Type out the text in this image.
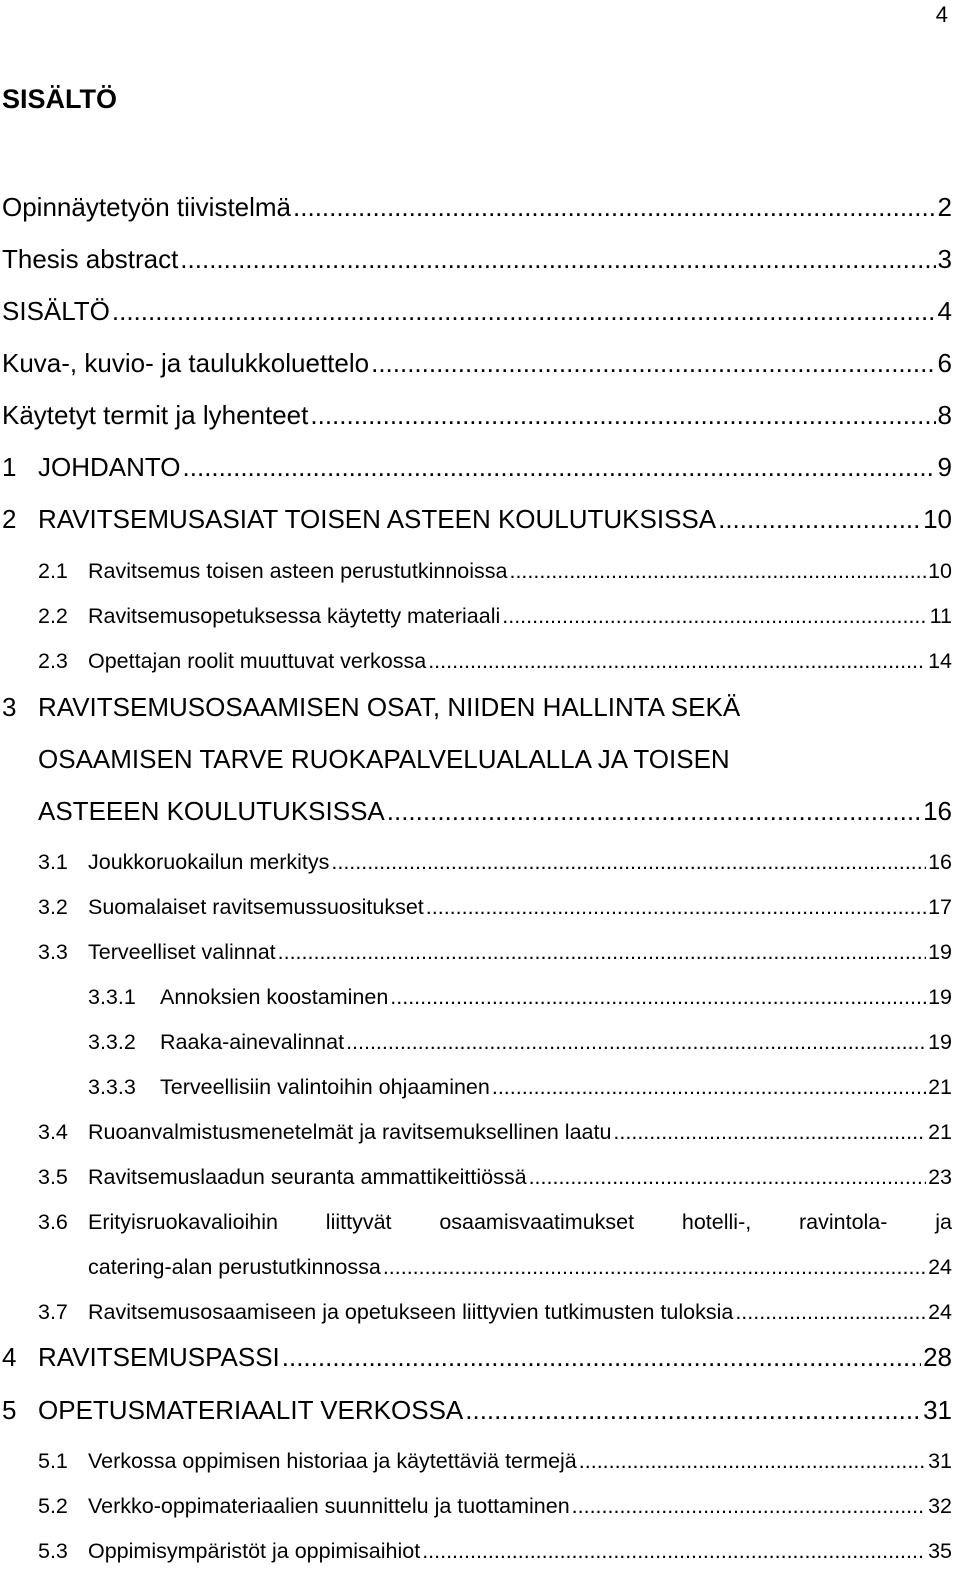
4
SISÄLTÖ
Opinnäytetyön tiivistelmä .....	2
Thesis abstract .....	3
SISÄLTÖ .....	4
Kuva-, kuvio- ja taulukkoluettelo .....	6
Käytetyt termit ja lyhenteet .....	8
1 JOHDANTO .....	9
2 RAVITSEMUSASIAT TOISEN ASTEEN KOULUTUKSISSA .....	10
2.1 Ravitsemus toisen asteen perustutkinnoissa .....	10
2.2 Ravitsemusopetuksessa käytetty materiaali .....	11
2.3 Opettajan roolit muuttuvat verkossa .....	14
3 RAVITSEMUSOSAAMISEN OSAT, NIIDEN HALLINTA SEKÄ
OSAAMISEN TARVE RUOKAPALVELUALALLA JA TOISEN
ASTEEEN KOULUTUKSISSA .....	16
3.1 Joukkoruokailun merkitys .....	16
3.2 Suomalaiset ravitsemussuositukset .....	17
3.3 Terveelliset valinnat .....	19
3.3.1	Annoksien koostaminen .....	19
3.3.2	Raaka-ainevalinnat .....	19
3.3.3	Terveellisiin valintoihin ohjaaminen .....	21
3.4 Ruoanvalmistusmenetelmät ja ravitsemuksellinen laatu .....	21
3.5 Ravitsemuslaadun seuranta ammattikeittiössä .....	23
3.6 Erityisruokavalioihin liittyvät osaamisvaatimukset hotelli-, ravintola- ja
catering-alan perustutkinnossa .....	24
3.7 Ravitsemusosaamiseen ja opetukseen liittyvien tutkimusten tuloksia .....	24
4 RAVITSEMUSPASSI .....	28
5 OPETUSMATERIAALIT VERKOSSA .....	31
5.1 Verkossa oppimisen historiaa ja käytettäviä termejä .....	31
5.2 Verkko-oppimateriaalien suunnittelu ja tuottaminen .....	32
5.3 Oppimisympäristöt ja oppimisaihiot .....	35
